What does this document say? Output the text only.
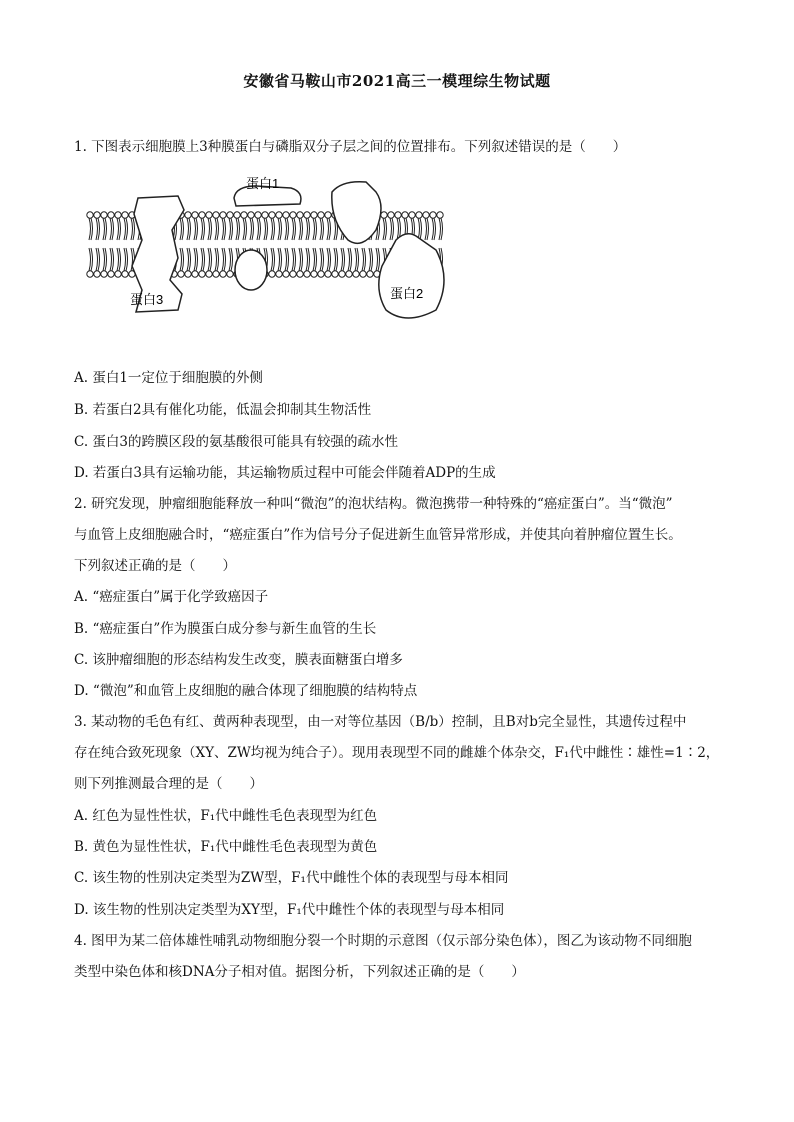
安徽省马鞍山市2021高三一模理综生物试题
1. 下图表示细胞膜上3种膜蛋白与磷脂双分子层之间的位置排布。下列叙述错误的是（　　）
蛋白1
蛋白2
蛋白3
A. 蛋白1一定位于细胞膜的外侧
B. 若蛋白2具有催化功能，低温会抑制其生物活性
C. 蛋白3的跨膜区段的氨基酸很可能具有较强的疏水性
D. 若蛋白3具有运输功能，其运输物质过程中可能会伴随着ADP的生成
2. 研究发现，肿瘤细胞能释放一种叫“微泡”的泡状结构。微泡携带一种特殊的“癌症蛋白”。当“微泡”
与血管上皮细胞融合时，“癌症蛋白”作为信号分子促进新生血管异常形成，并使其向着肿瘤位置生长。
下列叙述正确的是（　　）
A. “癌症蛋白”属于化学致癌因子
B. “癌症蛋白”作为膜蛋白成分参与新生血管的生长
C. 该肿瘤细胞的形态结构发生改变，膜表面糖蛋白增多
D. “微泡”和血管上皮细胞的融合体现了细胞膜的结构特点
3. 某动物的毛色有红、黄两种表现型，由一对等位基因（B/b）控制，且B对b完全显性，其遗传过程中
存在纯合致死现象（XY、ZW均视为纯合子）。现用表现型不同的雌雄个体杂交，F₁代中雌性∶雄性=1∶2，
则下列推测最合理的是（　　）
A. 红色为显性性状，F₁代中雌性毛色表现型为红色
B. 黄色为显性性状，F₁代中雌性毛色表现型为黄色
C. 该生物的性别决定类型为ZW型，F₁代中雌性个体的表现型与母本相同
D. 该生物的性别决定类型为XY型，F₁代中雌性个体的表现型与母本相同
4. 图甲为某二倍体雄性哺乳动物细胞分裂一个时期的示意图（仅示部分染色体），图乙为该动物不同细胞
类型中染色体和核DNA分子相对值。据图分析，下列叙述正确的是（　　）
